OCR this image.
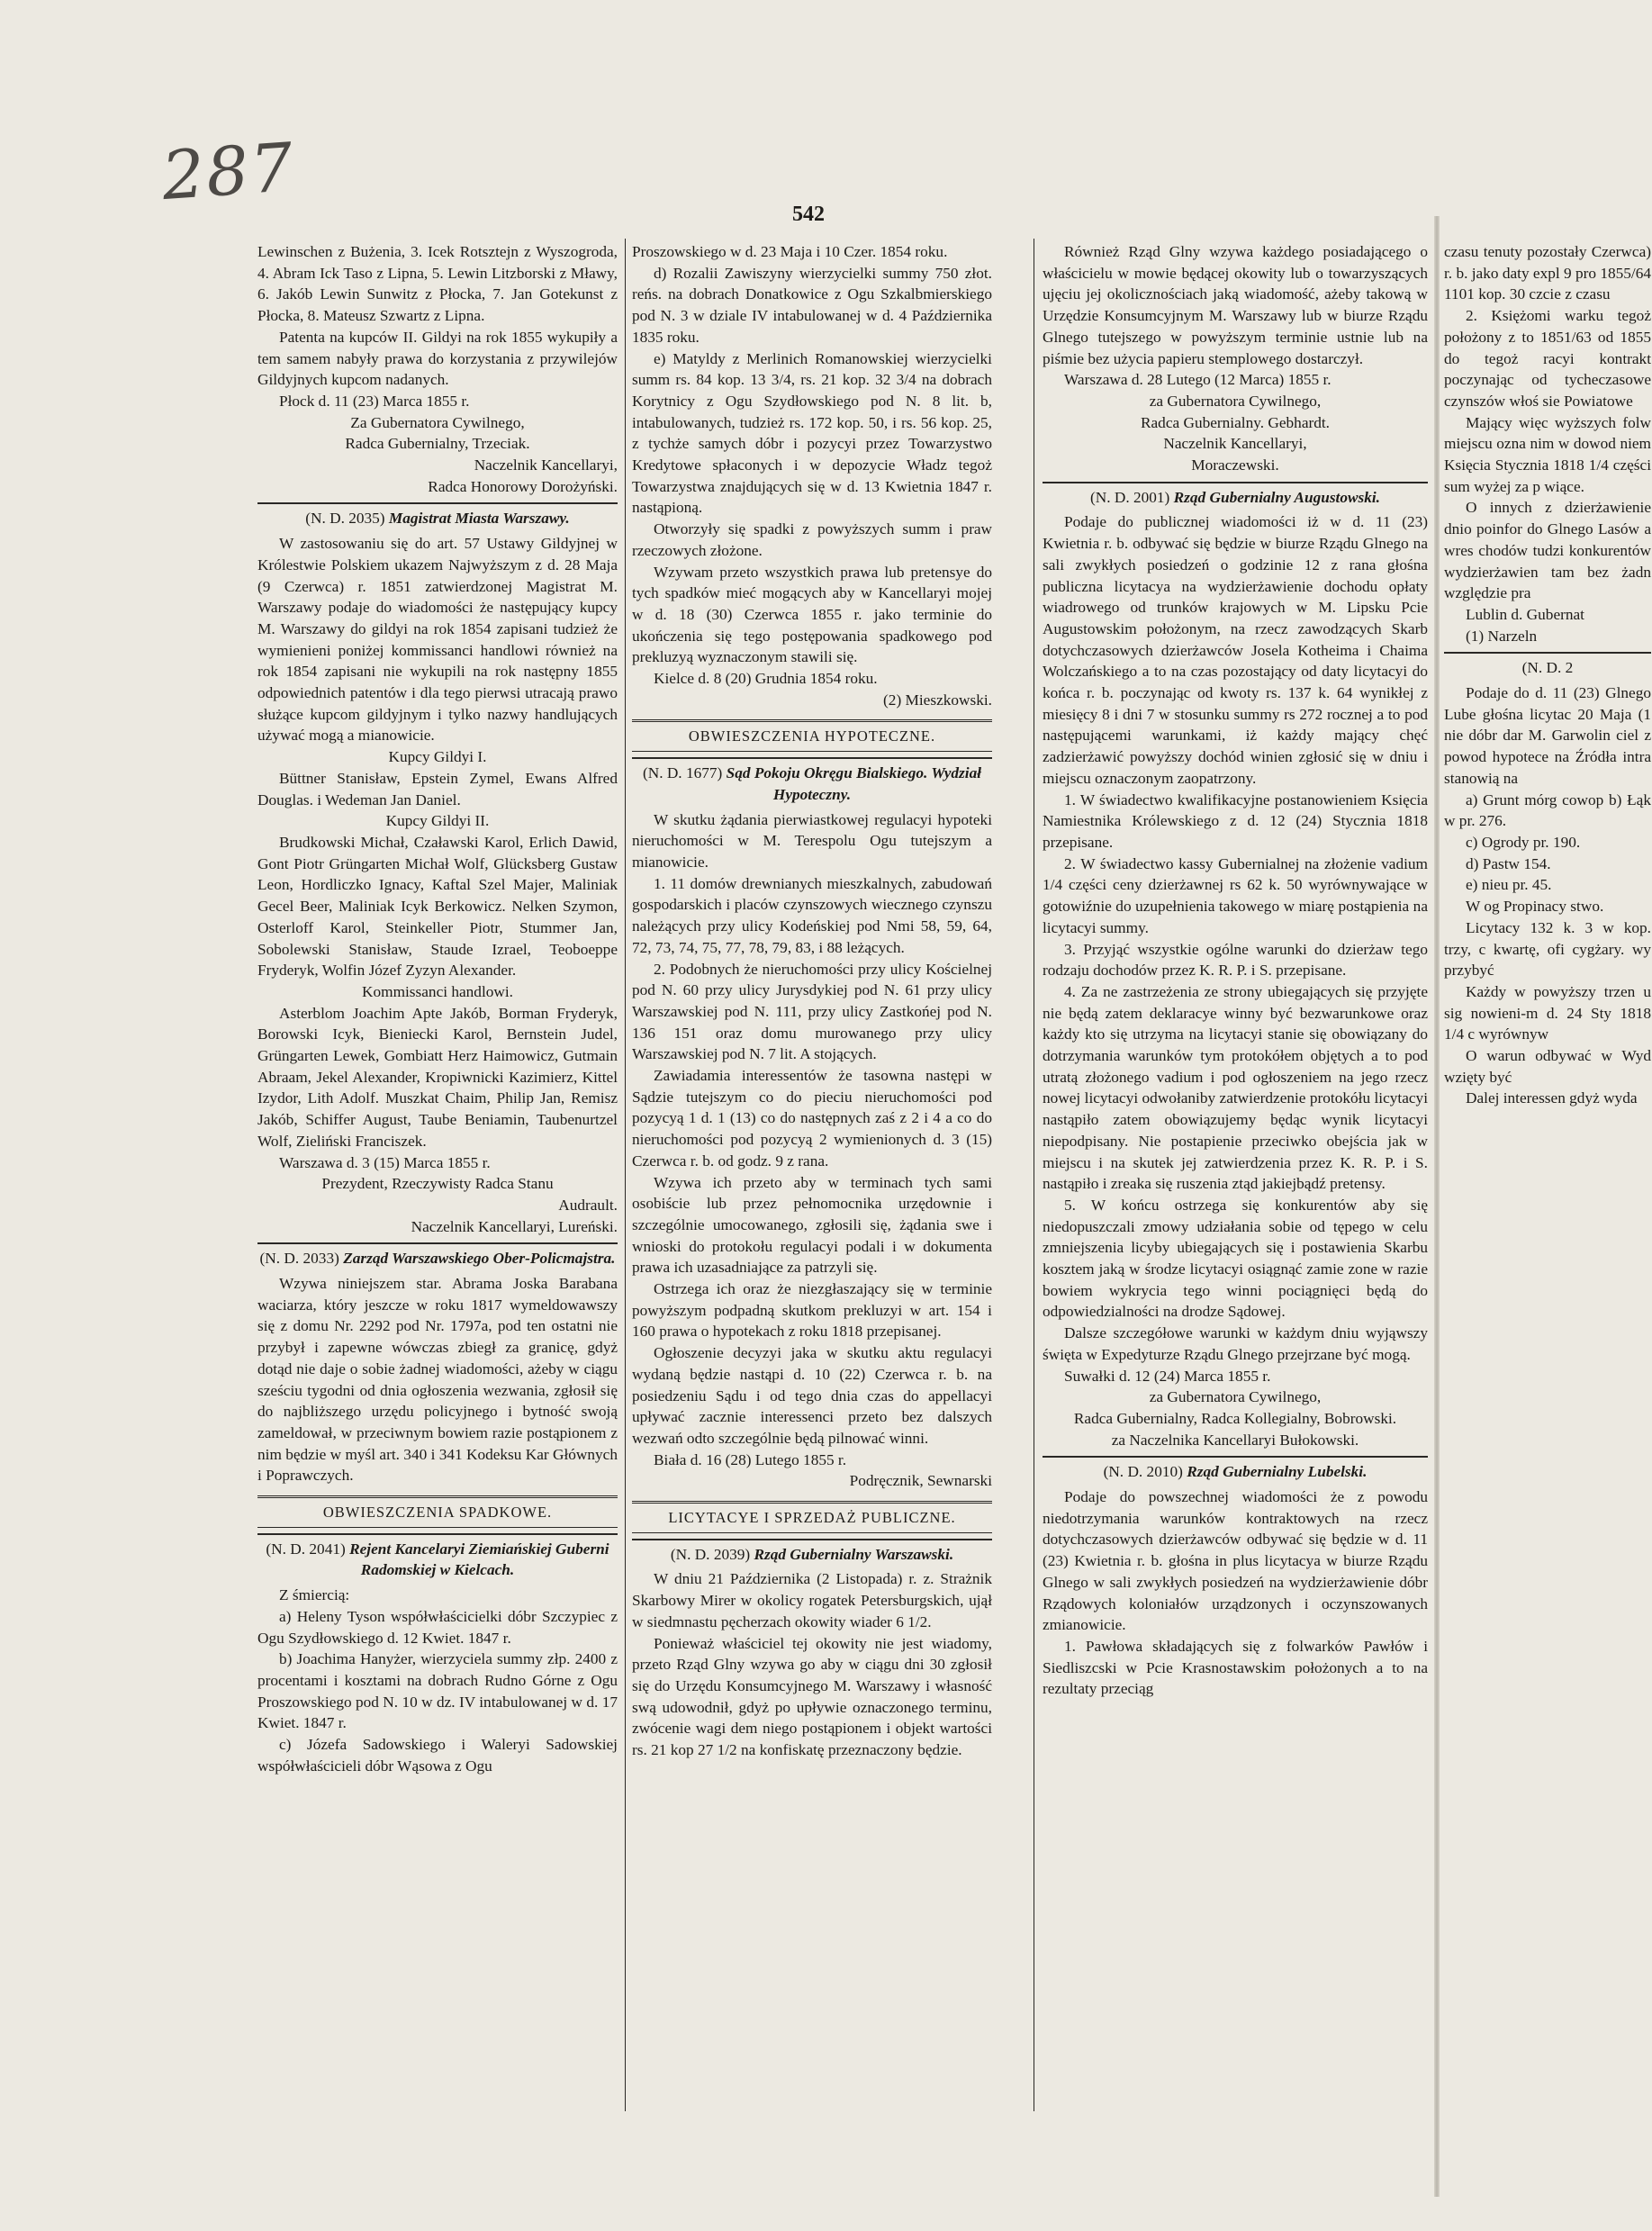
287	542

Lewinschen z Bużenia, 3. Icek Rotsztejn z Wyszogroda, 4. Abram Ick Taso z Lipna, 5. Lewin Litzborski z Mławy, 6. Jakób Lewin Sunwitz z Płocka, 7. Jan Gotekunst z Płocka, 8. Mateusz Szwartz z Lipna.

Patenta na kupców II. Gildyi na rok 1855 wykupiły a tem samem nabyły prawa do korzystania z przywilejów Gildyjnych kupcom nadanych.

Płock d. 11 (23) Marca 1855 r.

Za Gubernatora Cywilnego,

Radca Gubernialny, Trzeciak.

Naczelnik Kancellaryi,

Radca Honorowy Dorożyński.

(N. D. 2035) Magistrat Miasta Warszawy.

W zastosowaniu się do art. 57 Ustawy Gildyjnej w Królestwie Polskiem ukazem Najwyższym z d. 28 Maja (9 Czerwca) r. 1851 zatwierdzonej Magistrat M. Warszawy podaje do wiadomości że następujący kupcy M. Warszawy do gildyi na rok 1854 zapisani tudzież że wymienieni poniżej kommissanci handlowi również na rok 1854 zapisani nie wykupili na rok następny 1855 odpowiednich patentów i dla tego pierwsi utracają prawo służące kupcom gildyjnym i tylko nazwy handlujących używać mogą a mianowicie.

Kupcy Gildyi I.

Büttner Stanisław, Epstein Zymel, Ewans Alfred Douglas. i Wedeman Jan Daniel.

Kupcy Gildyi II.

Brudkowski Michał, Czaławski Karol, Erlich Dawid, Gont Piotr Grüngarten Michał Wolf, Glücksberg Gustaw Leon, Hordliczko Ignacy, Kaftal Szel Majer, Maliniak Gecel Beer, Maliniak Icyk Berkowicz. Nelken Szymon, Osterloff Karol, Steinkeller Piotr, Stummer Jan, Sobolewski Stanisław, Staude Izrael, Teoboeppe Fryderyk, Wolfin Józef Zyzyn Alexander.

Kommissanci handlowi.

Asterblom Joachim Apte Jakób, Borman Fryderyk, Borowski Icyk, Bieniecki Karol, Bernstein Judel, Grüngarten Lewek, Gombiatt Herz Haimowicz, Gutmain Abraam, Jekel Alexander, Kropiwnicki Kazimierz, Kittel Izydor, Lith Adolf. Muszkat Chaim, Philip Jan, Remisz Jakób, Schiffer August, Taube Beniamin, Taubenurtzel Wolf, Zieliński Franciszek.

Warszawa d. 3 (15) Marca 1855 r.

Prezydent, Rzeczywisty Radca Stanu

Audrault.

Naczelnik Kancellaryi, Lureński.

(N. D. 2033) Zarząd Warszawskiego Ober-Policmajstra.

Wzywa niniejszem star. Abrama Joska Barabana waciarza, który jeszcze w roku 1817 wymeldowawszy się z domu Nr. 2292 pod Nr. 1797a, pod ten ostatni nie przybył i zapewne wówczas zbiegł za granicę, gdyż dotąd nie daje o sobie żadnej wiadomości, ażeby w ciągu sześciu tygodni od dnia ogłoszenia wezwania, zgłosił się do najbliższego urzędu policyjnego i bytność swoją zameldował, w przeciwnym bowiem razie postąpionem z nim będzie w myśl art. 340 i 341 Kodeksu Kar Głównych i Poprawczych.

OBWIESZCZENIA SPADKOWE.
(N. D. 2041) Rejent Kancelaryi Ziemiańskiej Guberni Radomskiej w Kielcach.

Z śmiercią:

a) Heleny Tyson współwłaścicielki dóbr Szczypiec z Ogu Szydłowskiego d. 12 Kwiet. 1847 r.

b) Joachima Hanyżer, wierzyciela summy złp. 2400 z procentami i kosztami na dobrach Rudno Górne z Ogu Proszowskiego pod N. 10 w dz. IV intabulowanej w d. 17 Kwiet. 1847 r.

c) Józefa Sadowskiego i Waleryi Sadowskiej współwłaścicieli dóbr Wąsowa z Ogu

Proszowskiego w d. 23 Maja i 10 Czer. 1854 roku.

d) Rozalii Zawiszyny wierzycielki summy 750 złot. reńs. na dobrach Donatkowice z Ogu Szkalbmierskiego pod N. 3 w dziale IV intabulowanej w d. 4 Października 1835 roku.

e) Matyldy z Merlinich Romanowskiej wierzycielki summ rs. 84 kop. 13 3/4, rs. 21 kop. 32 3/4 na dobrach Korytnicy z Ogu Szydłowskiego pod N. 8 lit. b, intabulowanych, tudzież rs. 172 kop. 50, i rs. 56 kop. 25, z tychże samych dóbr i pozycyi przez Towarzystwo Kredytowe spłaconych i w depozycie Władz tegoż Towarzystwa znajdujących się w d. 13 Kwietnia 1847 r. nastąpioną.

Otworzyły się spadki z powyższych summ i praw rzeczowych złożone.

Wzywam przeto wszystkich prawa lub pretensye do tych spadków mieć mogących aby w Kancellaryi mojej w d. 18 (30) Czerwca 1855 r. jako terminie do ukończenia się tego postępowania spadkowego pod prekluzyą wyznaczonym stawili się.

Kielce d. 8 (20) Grudnia 1854 roku.

(2) Mieszkowski.

OBWIESZCZENIA HYPOTECZNE.
(N. D. 1677) Sąd Pokoju Okręgu Bialskiego. Wydział Hypoteczny.

W skutku żądania pierwiastkowej regulacyi hypoteki nieruchomości w M. Terespolu Ogu tutejszym a mianowicie.

1. 11 domów drewnianych mieszkalnych, zabudowań gospodarskich i placów czynszowych wiecznego czynszu należących przy ulicy Kodeńskiej pod Nmi 58, 59, 64, 72, 73, 74, 75, 77, 78, 79, 83, i 88 leżących.

2. Podobnych że nieruchomości przy ulicy Kościelnej pod N. 60 przy ulicy Jurysdykiej pod N. 61 przy ulicy Warszawskiej pod N. 111, przy ulicy Zastkońej pod N. 136 151 oraz domu murowanego przy ulicy Warszawskiej pod N. 7 lit. A stojących.

Zawiadamia interessentów że tasowna następi w Sądzie tutejszym co do pieciu nieruchomości pod pozycyą 1 d. 1 (13) co do następnych zaś z 2 i 4 a co do nieruchomości pod pozycyą 2 wymienionych d. 3 (15) Czerwca r. b. od godz. 9 z rana.

Wzywa ich przeto aby w terminach tych sami osobiście lub przez pełnomocnika urzędownie i szczególnie umocowanego, zgłosili się, żądania swe i wnioski do protokołu regulacyi podali i w dokumenta prawa ich uzasadniające za patrzyli się.

Ostrzega ich oraz że niezgłaszający się w terminie powyższym podpadną skutkom prekluzyi w art. 154 i 160 prawa o hypotekach z roku 1818 przepisanej.

Ogłoszenie decyzyi jaka w skutku aktu regulacyi wydaną będzie nastąpi d. 10 (22) Czerwca r. b. na posiedzeniu Sądu i od tego dnia czas do appellacyi upływać zacznie interessenci przeto bez dalszych wezwań odto szczególnie będą pilnować winni.

Biała d. 16 (28) Lutego 1855 r.

Podręcznik, Sewnarski

LICYTACYE I SPRZEDAŻ PUBLICZNE.
(N. D. 2039) Rząd Gubernialny Warszawski.

W dniu 21 Października (2 Listopada) r. z. Strażnik Skarbowy Mirer w okolicy rogatek Petersburgskich, ujął w siedmnastu pęcherzach okowity wiader 6 1/2.

Ponieważ właściciel tej okowity nie jest wiadomy, przeto Rząd Glny wzywa go aby w ciągu dni 30 zgłosił się do Urzędu Konsumcyjnego M. Warszawy i własność swą udowodnił, gdyż po upływie oznaczonego terminu, zwócenie wagi dem niego postąpionem i objekt wartości rs. 21 kop 27 1/2 na konfiskatę przeznaczony będzie.

Również Rząd Glny wzywa każdego posiadającego o właścicielu w mowie będącej okowity lub o towarzyszących ujęciu jej okolicznościach jaką wiadomość, ażeby takową w Urzędzie Konsumcyjnym M. Warszawy lub w biurze Rządu Glnego tutejszego w powyższym terminie ustnie lub na piśmie bez użycia papieru stemplowego dostarczył.

Warszawa d. 28 Lutego (12 Marca) 1855 r.

za Gubernatora Cywilnego,

Radca Gubernialny. Gebhardt.

Naczelnik Kancellaryi,

Moraczewski.

(N. D. 2001) Rząd Gubernialny Augustowski.

Podaje do publicznej wiadomości iż w d. 11 (23) Kwietnia r. b. odbywać się będzie w biurze Rządu Glnego na sali zwykłych posiedzeń o godzinie 12 z rana głośna publiczna licytacya na wydzierżawienie dochodu opłaty wiadrowego od trunków krajowych w M. Lipsku Pcie Augustowskim położonym, na rzecz zawodzących Skarb dotychczasowych dzierżawców Josela Kotheima i Chaima Wolczańskiego a to na czas pozostający od daty licytacyi do końca r. b. poczynając od kwoty rs. 137 k. 64 wynikłej z miesięcy 8 i dni 7 w stosunku summy rs 272 rocznej a to pod następującemi warunkami, iż każdy mający chęć zadzierżawić powyższy dochód winien zgłosić się w dniu i miejscu oznaczonym zaopatrzony.

1. W świadectwo kwalifikacyjne postanowieniem Księcia Namiestnika Królewskiego z d. 12 (24) Stycznia 1818 przepisane.

2. W świadectwo kassy Gubernialnej na złożenie vadium 1/4 części ceny dzierżawnej rs 62 k. 50 wyrównywające w gotowiźnie do uzupełnienia takowego w miarę postąpienia na licytacyi summy.

3. Przyjąć wszystkie ogólne warunki do dzierżaw tego rodzaju dochodów przez K. R. P. i S. przepisane.

4. Za ne zastrzeżenia ze strony ubiegających się przyjęte nie będą zatem deklaracye winny być bezwarunkowe oraz każdy kto się utrzyma na licytacyi stanie się obowiązany do dotrzymania warunków tym protokółem objętych a to pod utratą złożonego vadium i pod ogłoszeniem na jego rzecz nowej licytacyi odwołaniby zatwierdzenie protokółu licytacyi nastąpiło zatem obowiązujemy będąc wynik licytacyi niepodpisany. Nie postapienie przeciwko obejścia jak w miejscu i na skutek jej zatwierdzenia przez K. R. P. i S. nastąpiło i zreaka się ruszenia ztąd jakiejbądź pretensy.

5. W końcu ostrzega się konkurentów aby się niedopuszczali zmowy udziałania sobie od tępego w celu zmniejszenia licyby ubiegających się i postawienia Skarbu kosztem jaką w środze licytacyi osiągnąć zamie zone w razie bowiem wykrycia tego winni pociągnięci będą do odpowiedzialności na drodze Sądowej.

Dalsze szczegółowe warunki w każdym dniu wyjąwszy święta w Expedyturze Rządu Glnego przejrzane być mogą.

Suwałki d. 12 (24) Marca 1855 r.

za Gubernatora Cywilnego,

Radca Gubernialny, Radca Kollegialny, Bobrowski.

za Naczelnika Kancellaryi Bułokowski.

(N. D. 2010) Rząd Gubernialny Lubelski.

Podaje do powszechnej wiadomości że z powodu niedotrzymania warunków kontraktowych na rzecz dotychczasowych dzierżawców odbywać się będzie w d. 11 (23) Kwietnia r. b. głośna in plus licytacya w biurze Rządu Glnego w sali zwykłych posiedzeń na wydzierżawienie dóbr Rządowych koloniałów urządzonych i oczynszowanych zmianowicie.

1. Pawłowa składających się z folwarków Pawłów i Siedliszcski w Pcie Krasnostawskim położonych a to na rezultaty przeciąg

czasu tenuty pozostały Czerwca) r. b. jako daty expl 9 pro 1855/64 1101 kop. 30 czcie z czasu

2. Księżomi warku tegoż położony z to 1851/63 od 1855 do tegoż racyi kontrakt poczynając od tycheczasowe czynszów włoś sie Powiatowe

Mający więc wyższych folw miejscu ozna nim w dowod niem Księcia Stycznia 1818 1/4 części sum wyżej za p wiące.

O innych z dzierżawienie dnio poinfor do Glnego Lasów a wres chodów tudzi konkurentów wydzierżawien tam bez żadn względzie pra

Lublin d. Gubernat

(1) Narzeln

(N. D. 2

Podaje do d. 11 (23) Glnego Lube głośna licytac 20 Maja (1 nie dóbr dar M. Garwolin ciel z powod hypotece na Źródła intra stanowią na

a) Grunt mórg cowop b) Łąk w pr. 276.

c) Ogrody pr. 190.

d) Pastw 154.

e) nieu pr. 45.

W og Propinacy stwo.

Licytacy 132 k. 3 w kop. trzy, c kwartę, ofi cygżary. wy przybyć

Każdy w powyższy trzen u sig nowieni-m d. 24 Sty 1818 1/4 c wyrównyw

O warun odbywać w Wyd wzięty być

Dalej interessen gdyż wyda
